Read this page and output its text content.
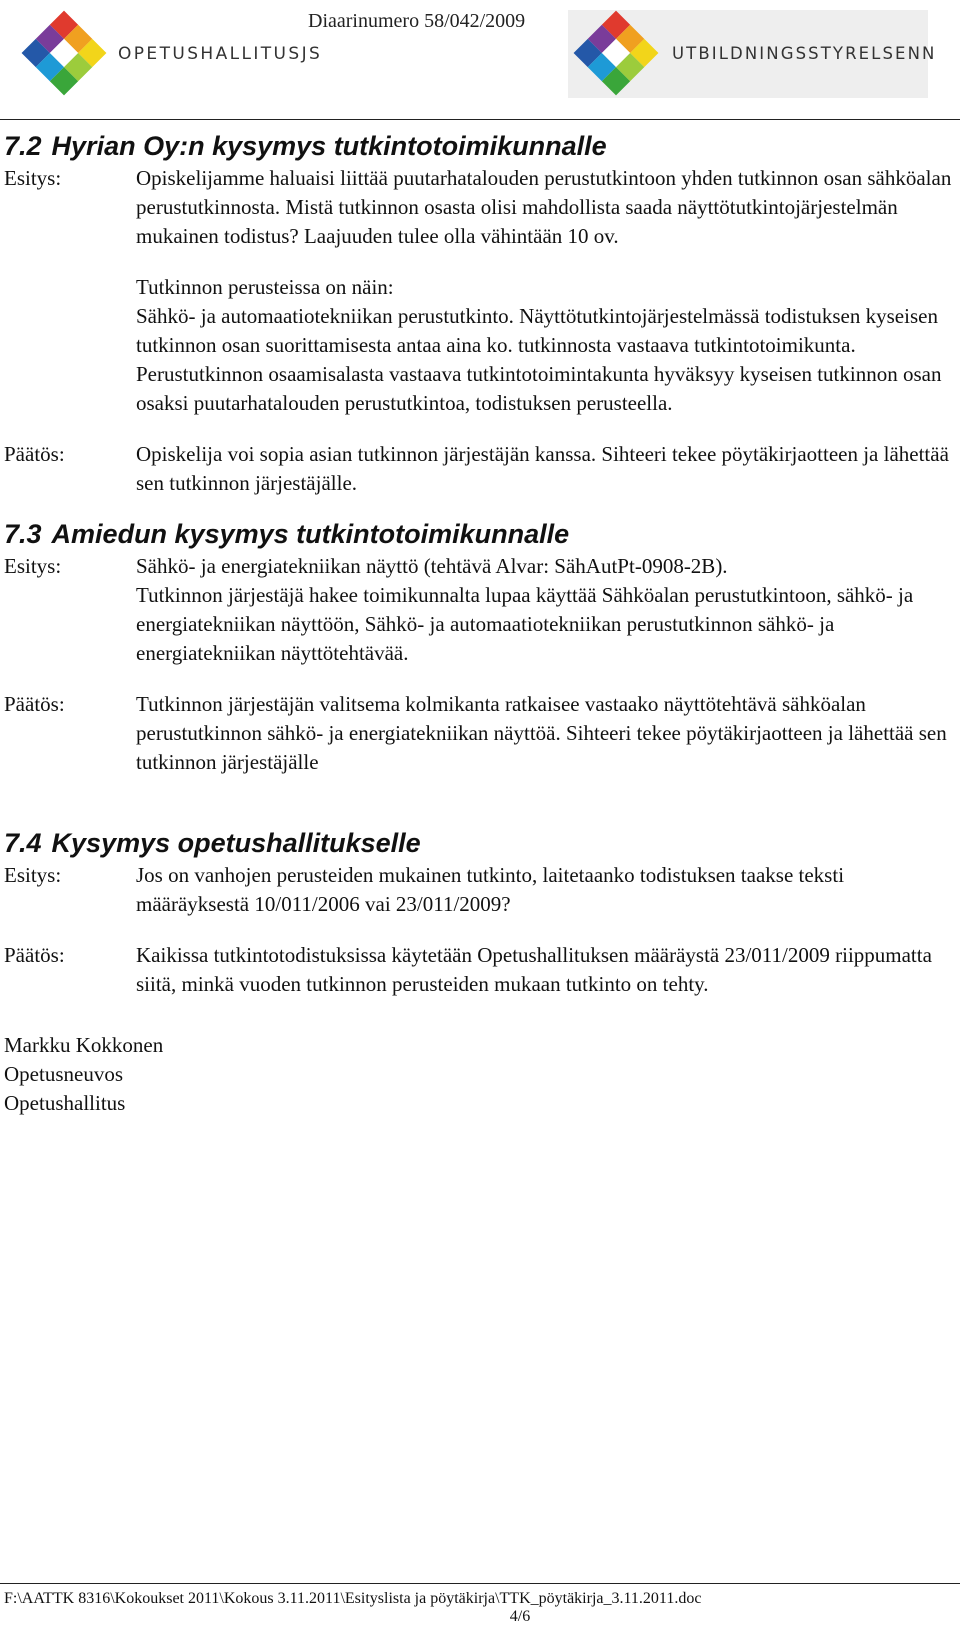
Diaarinumero 58/042/2009
OPETUSHALLITUSJS	UTBILDNINGSSTYRELSENN
7.2 Hyrian Oy:n kysymys tutkintotoimikunnalle
Esitys:	Opiskelijamme haluaisi liittää puutarhatalouden perustutkintoon yhden tutkinnon osan sähköalan perustutkinnosta. Mistä tutkinnon osasta olisi mahdollista saada näyttötutkintojärjestelmän mukainen todistus? Laajuuden tulee olla vähintään 10 ov.

Tutkinnon perusteissa on näin:

Sähkö- ja automaatiotekniikan perustutkinto. Näyttötutkintojärjestelmässä todistuksen kyseisen tutkinnon osan suorittamisesta antaa aina ko. tutkinnosta vastaava tutkintotoimikunta. Perustutkinnon osaamisalasta vastaava tutkintotoimintakunta hyväksyy kyseisen tutkinnon osan osaksi puutarhatalouden perustutkintoa, todistuksen perusteella.

Päätös:	Opiskelija voi sopia asian tutkinnon järjestäjän kanssa. Sihteeri tekee pöytäkirjaotteen ja lähettää sen tutkinnon järjestäjälle.
7.3 Amiedun kysymys tutkintotoimikunnalle
Esitys:	Sähkö- ja energiatekniikan näyttö (tehtävä Alvar: SähAutPt-0908-2B).

Tutkinnon järjestäjä hakee toimikunnalta lupaa käyttää Sähköalan perustutkintoon, sähkö- ja energiatekniikan näyttöön, Sähkö- ja automaatiotekniikan perustutkinnon sähkö- ja energiatekniikan näyttötehtävää.

Päätös:	Tutkinnon järjestäjän valitsema kolmikanta ratkaisee vastaako näyttötehtävä sähköalan perustutkinnon sähkö- ja energiatekniikan näyttöä. Sihteeri tekee pöytäkirjaotteen ja lähettää sen tutkinnon järjestäjälle
7.4 Kysymys opetushallitukselle
Esitys:	Jos on vanhojen perusteiden mukainen tutkinto, laitetaanko todistuksen taakse teksti määräyksestä 10/011/2006 vai 23/011/2009?
Päätös:	Kaikissa tutkintotodistuksissa käytetään Opetushallituksen määräystä 23/011/2009 riippumatta siitä, minkä vuoden tutkinnon perusteiden mukaan tutkinto on tehty.
Markku Kokkonen
Opetusneuvos
Opetushallitus
F:\AATTK 8316\Kokoukset 2011\Kokous 3.11.2011\Esityslista ja pöytäkirja\TTK_pöytäkirja_3.11.2011.doc
4/6
